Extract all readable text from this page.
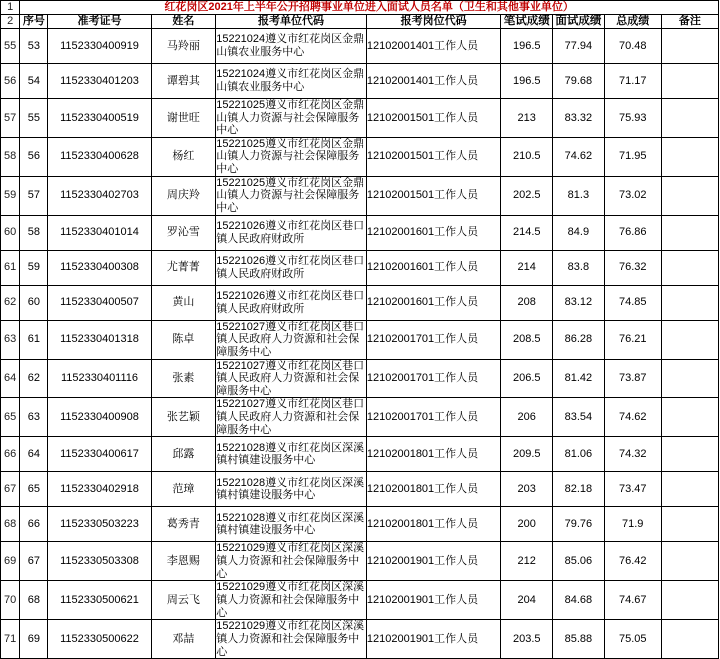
1	红花岗区2021年上半年公开招聘事业单位进入面试人员名单（卫生和其他事业单位）								
2	序号	准考证号	姓名	报考单位代码	报考岗位代码	笔试成绩	面试成绩	总成绩	备注
55	53	1152330400919	马羚丽	15221024遵义市红花岗区金鼎山镇农业服务中心	12102001401工作人员	196.5	77.94	70.48	
56	54	1152330401203	谭碧其	15221024遵义市红花岗区金鼎山镇农业服务中心	12102001401工作人员	196.5	79.68	71.17	
57	55	1152330400519	谢世旺	15221025遵义市红花岗区金鼎山镇人力资源与社会保障服务中心	12102001501工作人员	213	83.32	75.93	
58	56	1152330400628	杨红	15221025遵义市红花岗区金鼎山镇人力资源与社会保障服务中心	12102001501工作人员	210.5	74.62	71.95	
59	57	1152330402703	周庆羚	15221025遵义市红花岗区金鼎山镇人力资源与社会保障服务中心	12102001501工作人员	202.5	81.3	73.02	
60	58	1152330401014	罗沁雪	15221026遵义市红花岗区巷口镇人民政府财政所	12102001601工作人员	214.5	84.9	76.86	
61	59	1152330400308	尤菁菁	15221026遵义市红花岗区巷口镇人民政府财政所	12102001601工作人员	214	83.8	76.32	
62	60	1152330400507	黄山	15221026遵义市红花岗区巷口镇人民政府财政所	12102001601工作人员	208	83.12	74.85	
63	61	1152330401318	陈卓	15221027遵义市红花岗区巷口镇人民政府人力资源和社会保障服务中心	12102001701工作人员	208.5	86.28	76.21	
64	62	1152330401116	张素	15221027遵义市红花岗区巷口镇人民政府人力资源和社会保障服务中心	12102001701工作人员	206.5	81.42	73.87	
65	63	1152330400908	张艺颖	15221027遵义市红花岗区巷口镇人民政府人力资源和社会保障服务中心	12102001701工作人员	206	83.54	74.62	
66	64	1152330400617	邱露	15221028遵义市红花岗区深溪镇村镇建设服务中心	12102001801工作人员	209.5	81.06	74.32	
67	65	1152330402918	范璋	15221028遵义市红花岗区深溪镇村镇建设服务中心	12102001801工作人员	203	82.18	73.47	
68	66	1152330503223	葛秀青	15221028遵义市红花岗区深溪镇村镇建设服务中心	12102001801工作人员	200	79.76	71.9	
69	67	1152330503308	李恩赐	15221029遵义市红花岗区深溪镇人力资源和社会保障服务中心	12102001901工作人员	212	85.06	76.42	
70	68	1152330500621	周云飞	15221029遵义市红花岗区深溪镇人力资源和社会保障服务中心	12102001901工作人员	204	84.68	74.67	
71	69	1152330500622	邓喆	15221029遵义市红花岗区深溪镇人力资源和社会保障服务中心	12102001901工作人员	203.5	85.88	75.05	
